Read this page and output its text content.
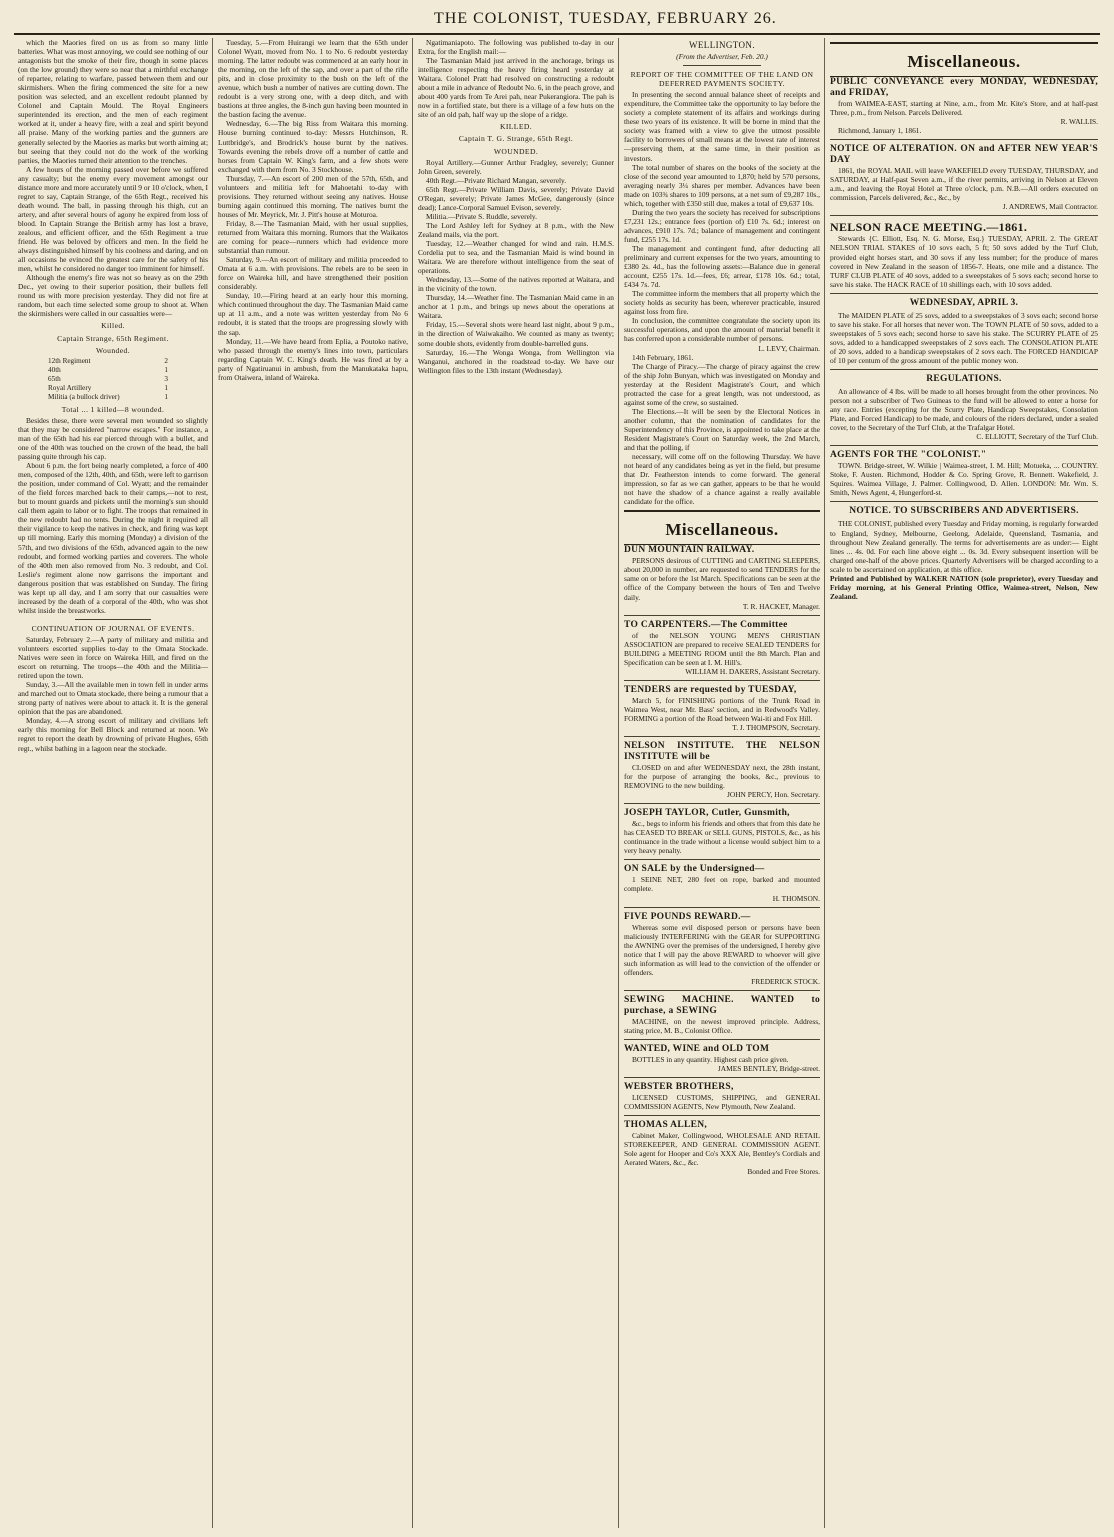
THE COLONIST, TUESDAY, FEBRUARY 26.

which the Maories fired on us as from so many little batteries. What was most annoying, we could see nothing of our antagonists but the smoke of their fire, though in some places (on the low ground) they were so near that a mirthful exchange of repartee, relating to warfare, passed between them and our skirmishers. When the firing commenced the site for a new position was selected, and an excellent redoubt planned by Colonel and Captain Mould. The Royal Engineers superintended its erection, and the men of each regiment worked at it, under a heavy fire, with a zeal and spirit beyond all praise. Many of the working parties and the gunners are generally selected by the Maories as marks but worth aiming at; but seeing that they could not do the work of the working parties, the Maories turned their attention to the trenches.

A few hours of the morning passed over before we suffered any casualty; but the enemy every movement amongst our distance more and more accurately until 9 or 10 o'clock, when, I regret to say, Captain Strange, of the 65th Regt., received his death wound. The ball, in passing through his thigh, cut an artery, and after several hours of agony he expired from loss of blood. In Captain Strange the British army has lost a brave, zealous, and efficient officer, and the 65th Regiment a true friend. He was beloved by officers and men. In the field he always distinguished himself by his coolness and daring, and on all occasions he evinced the greatest care for the safety of his men, whilst he considered no danger too imminent for himself.

Although the enemy's fire was not so heavy as on the 29th Dec., yet owing to their superior position, their bullets fell round us with more precision yesterday. They did not fire at random, but each time selected some group to shoot at. When the skirmishers were called in our casualties were—

Killed.

Captain Strange, 65th Regiment.

Wounded.

12th Regiment	2
40th	1
65th	3
Royal Artillery	1
Militia (a bullock driver)	1

Total ... 1 killed—8 wounded.

Besides these, there were several men wounded so slightly that they may be considered "narrow escapes." For instance, a man of the 65th had his ear pierced through with a bullet, and one of the 40th was touched on the crown of the head, the ball passing quite through his cap.

About 6 p.m. the fort being nearly completed, a force of 400 men, composed of the 12th, 40th, and 65th, were left to garrison the position, under command of Col. Wyatt; and the remainder of the field forces marched back to their camps,—not to rest, but to mount guards and pickets until the morning's sun should call them again to labor or to fight. The troops that remained in the new redoubt had no tents. During the night it required all their vigilance to keep the natives in check, and firing was kept up till morning. Early this morning (Monday) a division of the 57th, and two divisions of the 65th, advanced again to the new redoubt, and formed working parties and coverers. The whole of the 40th men also removed from No. 3 redoubt, and Col. Leslie's regiment alone now garrisons the important and dangerous position that was established on Sunday. The firing was kept up all day, and I am sorry that our casualties were increased by the death of a corporal of the 40th, who was shot whilst inside the breastworks.

CONTINUATION OF JOURNAL OF EVENTS.

Saturday, February 2.—A party of military and militia and volunteers escorted supplies to-day to the Omata Stockade. Natives were seen in force on Waireka Hill, and fired on the escort on returning. The troops—the 40th and the Militia—retired upon the town.

Sunday, 3.—All the available men in town fell in under arms and marched out to Omata stockade, there being a rumour that a strong party of natives were about to attack it. It is the general opinion that the pas are abandoned.

Monday, 4.—A strong escort of military and civilians left early this morning for Bell Block and returned at noon. We regret to report the death by drowning of private Hughes, 65th regt., whilst bathing in a lagoon near the stockade.

Tuesday, 5.—From Huirangi we learn that the 65th under Colonel Wyatt, moved from No. 1 to No. 6 redoubt yesterday morning. The latter redoubt was commenced at an early hour in the morning, on the left of the sap, and over a part of the rifle pits, and in close proximity to the bush on the left of the avenue, which bush a number of natives are cutting down. The redoubt is a very strong one, with a deep ditch, and with bastions at three angles, the 8-inch gun having been mounted in the bastion facing the avenue.

Wednesday, 6.—The big Riss from Waitara this morning. House burning continued to-day: Messrs Hutchinson, R. Luttbridge's, and Brodrick's house burnt by the natives. Towards evening the rebels drove off a number of cattle and horses from Captain W. King's farm, and a few shots were exchanged with them from No. 3 Stockhouse.

Thursday, 7.—An escort of 200 men of the 57th, 65th, and volunteers and militia left for Mahoetahi to-day with provisions. They returned without seeing any natives. House burning again continued this morning. The natives burnt the houses of Mr. Meyrick, Mr. J. Pitt's house at Moturoa.

Friday, 8.—The Tasmanian Maid, with her usual supplies, returned from Waitara this morning. Rumors that the Waikatos are coming for peace—runners which had evidence more substantial than rumour.

Saturday, 9.—An escort of military and militia proceeded to Omata at 6 a.m. with provisions. The rebels are to be seen in force on Waireka hill, and have strengthened their position considerably.

Sunday, 10.—Firing heard at an early hour this morning, which continued throughout the day. The Tasmanian Maid came up at 11 a.m., and a note was written yesterday from No 6 redoubt, it is stated that the troops are progressing slowly with the sap.

Monday, 11.—We have heard from Eplia, a Poutoko native, who passed through the enemy's lines into town, particulars regarding Captain W. C. King's death. He was fired at by a party of Ngatiruanui in ambush, from the Manukataka hapu, from Otaiwera, inland of Waireka.

Ngatimaniapoto. The following was published to-day in our Extra, for the English mail:—

The Tasmanian Maid just arrived in the anchorage, brings us intelligence respecting the heavy firing heard yesterday at Waitara. Colonel Pratt had resolved on constructing a redoubt about a mile in advance of Redoubt No. 6, in the peach grove, and about 400 yards from Te Arei pah, near Pukerangiora. The pah is now in a fortified state, but there is a village of a few huts on the site of an old pah, half way up the slope of a ridge.

KILLED.

Captain T. G. Strange, 65th Regt.

WOUNDED.

Royal Artillery.—Gunner Arthur Fradgley, severely; Gunner John Green, severely.

40th Regt.—Private Richard Mangan, severely.

65th Regt.—Private William Davis, severely; Private David O'Regan, severely; Private James McGee, dangerously (since dead); Lance-Corporal Samuel Evison, severely.

Militia.—Private S. Ruddle, severely.

The Lord Ashley left for Sydney at 8 p.m., with the New Zealand mails, via the port.

Tuesday, 12.—Weather changed for wind and rain. H.M.S. Cordelia put to sea, and the Tasmanian Maid is wind bound in Waitara. We are therefore without intelligence from the seat of operations.

Wednesday, 13.—Some of the natives reported at Waitara, and in the vicinity of the town.

Thursday, 14.—Weather fine. The Tasmanian Maid came in an anchor at 1 p.m., and brings up news about the operations at Waitara.

Friday, 15.—Several shots were heard last night, about 9 p.m., in the direction of Waiwakaiho. We counted as many as twenty; some double shots, evidently from double-barrelled guns.

Saturday, 16.—The Wonga Wonga, from Wellington via Wanganui, anchored in the roadstead to-day. We have our Wellington files to the 13th instant (Wednesday).

WELLINGTON.

(From the Advertiser, Feb. 20.)

REPORT OF THE COMMITTEE OF THE LAND ON DEFERRED PAYMENTS SOCIETY.

In presenting the second annual balance sheet of receipts and expenditure, the Committee take the opportunity to lay before the society a complete statement of its affairs and workings during these two years of its existence. It will be borne in mind that the society was framed with a view to give the utmost possible facility to borrowers of small means at the lowest rate of interest—preserving them, at the same time, in their position as investors.

The total number of shares on the books of the society at the close of the second year amounted to 1,870; held by 570 persons, averaging nearly 3¼ shares per member. Advances have been made on 103¾ shares to 109 persons, at a net sum of £9,287 10s., which, together with £350 still due, makes a total of £9,637 10s.

During the two years the society has received for subscriptions £7,231 12s.; entrance fees (portion of) £10 7s. 6d.; interest on advances, £910 17s. 7d.; balance of management and contingent fund, £255 17s. 1d.

The management and contingent fund, after deducting all preliminary and current expenses for the two years, amounting to £380 2s. 4d., has the following assets:—Balance due in general account, £255 17s. 1d.—fees, £6; arrear, £178 10s. 6d.; total, £434 7s. 7d.

The committee inform the members that all property which the society holds as security has been, wherever practicable, insured against loss from fire.

In conclusion, the committee congratulate the society upon its successful operations, and upon the amount of material benefit it has conferred upon a considerable number of persons.

L. LEVY, Chairman.

14th February, 1861.

The Charge of Piracy.—The charge of piracy against the crew of the ship John Bunyan, which was investigated on Monday and yesterday at the Resident Magistrate's Court, and which protracted the case for a great length, was not understood, as against some of the crew, so sustained.

The Elections.—It will be seen by the Electoral Notices in another column, that the nomination of candidates for the Superintendency of this Province, is appointed to take place at the Resident Magistrate's Court on Saturday week, the 2nd March, and that the polling, if

necessary, will come off on the following Thursday. We have not heard of any candidates being as yet in the field, but presume that Dr. Featherston intends to come forward. The general impression, so far as we can gather, appears to be that he would not have the shadow of a chance against a really available candidate for the office.

Miscellaneous.

DUN MOUNTAIN RAILWAY.

PERSONS desirous of CUTTING and CARTING SLEEPERS, about 20,000 in number, are requested to send TENDERS for the same on or before the 1st March. Specifications can be seen at the office of the Company between the hours of Ten and Twelve daily.

T. R. HACKET, Manager.

TO CARPENTERS.—The Committee

of the NELSON YOUNG MEN'S CHRISTIAN ASSOCIATION are prepared to receive SEALED TENDERS for BUILDING a MEETING ROOM until the 8th March. Plan and Specification can be seen at I. M. Hill's.

WILLIAM H. DAKERS, Assistant Secretary.

TENDERS are requested by TUESDAY,

March 5, for FINISHING portions of the Trunk Road in Waimea West, near Mr. Bass' section, and in Redwood's Valley. FORMING a portion of the Road between Wai-iti and Fox Hill.

T. J. THOMPSON, Secretary.

NELSON INSTITUTE. THE NELSON INSTITUTE will be

CLOSED on and after WEDNESDAY next, the 28th instant, for the purpose of arranging the books, &c., previous to REMOVING to the new building.

JOHN PERCY, Hon. Secretary.

JOSEPH TAYLOR, Cutler, Gunsmith,

&c., begs to inform his friends and others that from this date he has CEASED TO BREAK or SELL GUNS, PISTOLS, &c., as his continuance in the trade without a license would subject him to a very heavy penalty.

ON SALE by the Undersigned—

1 SEINE NET, 280 feet on rope, barked and mounted complete.

H. THOMSON.

FIVE POUNDS REWARD.—

Whereas some evil disposed person or persons have been maliciously INTERFERING with the GEAR for SUPPORTING the AWNING over the premises of the undersigned, I hereby give notice that I will pay the above REWARD to whoever will give such information as will lead to the conviction of the offender or offenders.

FREDERICK STOCK.

SEWING MACHINE. WANTED to purchase, a SEWING

MACHINE, on the newest improved principle. Address, stating price, M. B., Colonist Office.

WANTED, WINE and OLD TOM

BOTTLES in any quantity. Highest cash price given.

JAMES BENTLEY, Bridge-street.

WEBSTER BROTHERS,

LICENSED CUSTOMS, SHIPPING, and GENERAL COMMISSION AGENTS, New Plymouth, New Zealand.

THOMAS ALLEN,

Cabinet Maker, Collingwood, WHOLESALE AND RETAIL STOREKEEPER, AND GENERAL COMMISSION AGENT. Sole agent for Hooper and Co's XXX Ale, Bentley's Cordials and Aerated Waters, &c., &c.

Bonded and Free Stores.

Miscellaneous.

PUBLIC CONVEYANCE every MONDAY, WEDNESDAY, and FRIDAY,

from WAIMEA-EAST, starting at Nine, a.m., from Mr. Kite's Store, and at half-past Three, p.m., from Nelson. Parcels Delivered.

R. WALLIS.

Richmond, January 1, 1861.

NOTICE OF ALTERATION. ON and AFTER NEW YEAR'S DAY

1861, the ROYAL MAIL will leave WAKEFIELD every TUESDAY, THURSDAY, and SATURDAY, at Half-past Seven a.m., if the river permits, arriving in Nelson at Eleven a.m., and leaving the Royal Hotel at Three o'clock, p.m. N.B.—All orders executed on commission, Parcels delivered, &c., &c., by

J. ANDREWS, Mail Contractor.

NELSON RACE MEETING.—1861.

Stewards {C. Elliott, Esq. N. G. Morse, Esq.} TUESDAY, APRIL 2. The GREAT NELSON TRIAL STAKES of 10 sovs each, 5 ft; 50 sovs added by the Turf Club, provided eight horses start, and 30 sovs if any less number; for the produce of mares covered in New Zealand in the season of 1856-7. Heats, one mile and a distance. The TURF CLUB PLATE of 40 sovs, added to a sweepstakes of 5 sovs each; second horse to save his stake. The HACK RACE of 10 shillings each, with 10 sovs added.

WEDNESDAY, APRIL 3.

The MAIDEN PLATE of 25 sovs, added to a sweepstakes of 3 sovs each; second horse to save his stake. For all horses that never won. The TOWN PLATE of 50 sovs, added to a sweepstakes of 5 sovs each; second horse to save his stake. The SCURRY PLATE of 25 sovs, added to a handicapped sweepstakes of 2 sovs each. The CONSOLATION PLATE of 20 sovs, added to a handicap sweepstakes of 2 sovs each. The FORCED HANDICAP of 10 per centum of the gross amount of the public money won.

REGULATIONS.

An allowance of 4 lbs. will be made to all horses brought from the other provinces. No person not a subscriber of Two Guineas to the fund will be allowed to enter a horse for any race. Entries (excepting for the Scurry Plate, Handicap Sweepstakes, Consolation Plate, and Forced Handicap) to be made, and colours of the riders declared, under a sealed cover, to the Secretary of the Turf Club, at the Trafalgar Hotel.

C. ELLIOTT, Secretary of the Turf Club.

AGENTS FOR THE "COLONIST."

TOWN. Bridge-street, W. Wilkie | Waimea-street, I. M. Hill; Motueka, ... COUNTRY. Stoke, F. Austen. Richmond, Hodder & Co. Spring Grove, R. Bennett. Wakefield, J. Squires. Waimea Village, J. Palmer. Collingwood, D. Allen. LONDON: Mr. Wm. S. Smith, News Agent, 4, Hungerford-st.

NOTICE. TO SUBSCRIBERS AND ADVERTISERS.

THE COLONIST, published every Tuesday and Friday morning, is regularly forwarded to England, Sydney, Melbourne, Geelong, Adelaide, Queensland, Tasmania, and throughout New Zealand generally. The terms for advertisements are as under:— Eight lines ... 4s. 0d. For each line above eight ... 0s. 3d. Every subsequent insertion will be charged one-half of the above prices. Quarterly Advertisers will be charged according to a scale to be ascertained on application, at this office.

Printed and Published by WALKER NATION (sole proprietor), every Tuesday and Friday morning, at his General Printing Office, Waimea-street, Nelson, New Zealand.
